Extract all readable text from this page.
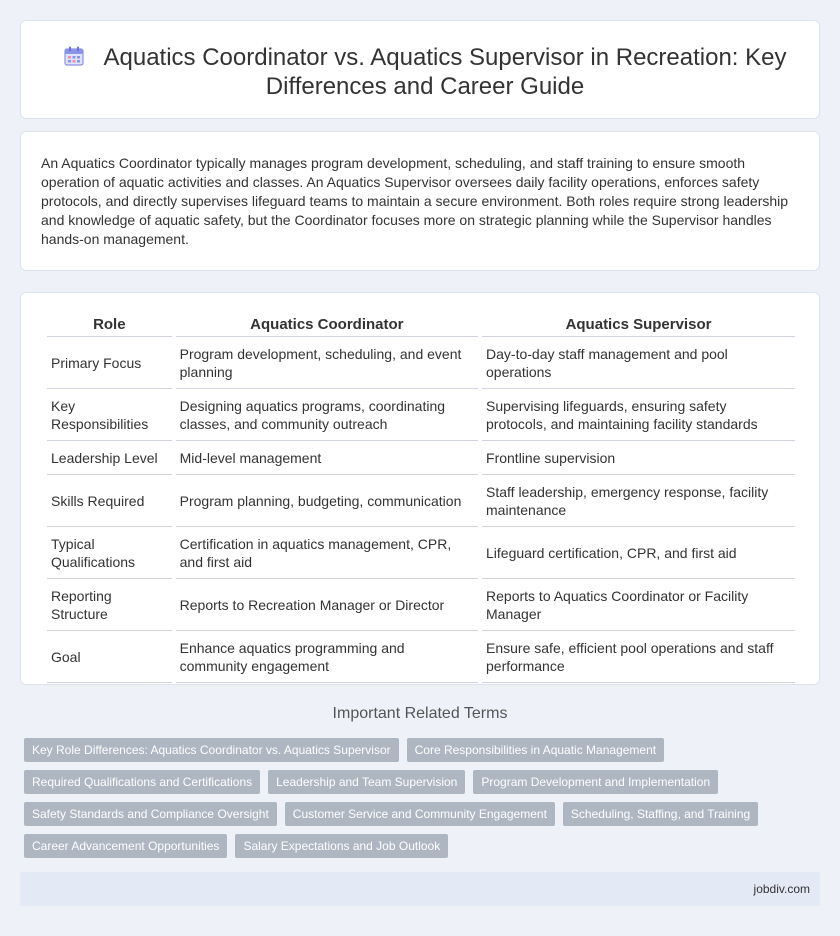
Aquatics Coordinator vs. Aquatics Supervisor in Recreation: Key Differences and Career Guide

An Aquatics Coordinator typically manages program development, scheduling, and staff training to ensure smooth operation of aquatic activities and classes. An Aquatics Supervisor oversees daily facility operations, enforces safety protocols, and directly supervises lifeguard teams to maintain a secure environment. Both roles require strong leadership and knowledge of aquatic safety, but the Coordinator focuses more on strategic planning while the Supervisor handles hands-on management.

Role	Aquatics Coordinator	Aquatics Supervisor
Primary Focus	Program development, scheduling, and event planning	Day-to-day staff management and pool operations
Key Responsibilities	Designing aquatics programs, coordinating classes, and community outreach	Supervising lifeguards, ensuring safety protocols, and maintaining facility standards
Leadership Level	Mid-level management	Frontline supervision
Skills Required	Program planning, budgeting, communication	Staff leadership, emergency response, facility maintenance
Typical Qualifications	Certification in aquatics management, CPR, and first aid	Lifeguard certification, CPR, and first aid
Reporting Structure	Reports to Recreation Manager or Director	Reports to Aquatics Coordinator or Facility Manager
Goal	Enhance aquatics programming and community engagement	Ensure safe, efficient pool operations and staff performance
Important Related Terms
Key Role Differences: Aquatics Coordinator vs. Aquatics Supervisor	Core Responsibilities in Aquatic Management
Required Qualifications and Certifications	Leadership and Team Supervision	Program Development and Implementation
Safety Standards and Compliance Oversight	Customer Service and Community Engagement	Scheduling, Staffing, and Training
Career Advancement Opportunities	Salary Expectations and Job Outlook
jobdiv.com
